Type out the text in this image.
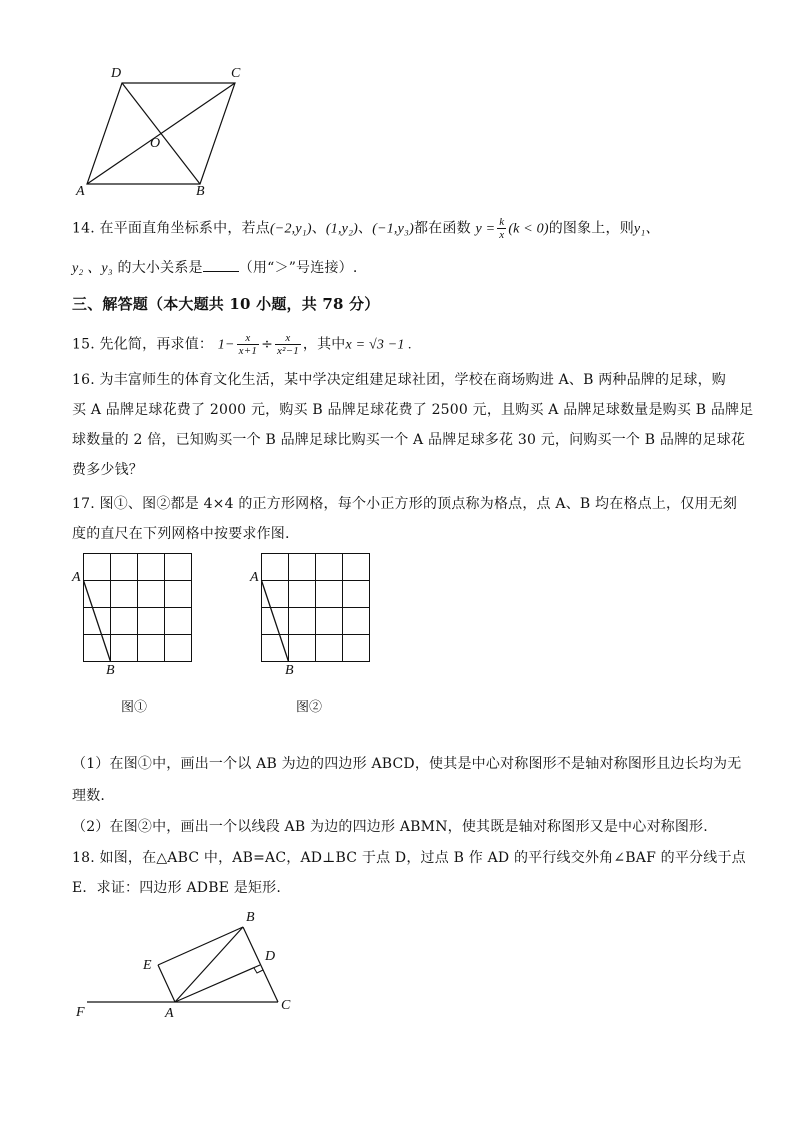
D	C
O
A	B
14. 在平面直角坐标系中，若点(−2,y₁)、(1,y₂)、(−1,y₃)都在函数 $y = \frac{k}{x} (k < 0)$的图象上，则y₁、
y₂ 、y₃ 的大小关系是	（用“＞”号连接）.
三、解答题（本大题共 10 小题，共 78 分）
15. 先化简，再求值： $1- \frac{x}{x+1} \div \frac{x}{\text{x²−1}}$ ，其中x = √3 −1 .
16. 为丰富师生的体育文化生活，某中学决定组建足球社团，学校在商场购进 A、B 两种品牌的足球，购
买 A 品牌足球花费了 2000 元，购买 B 品牌足球花费了 2500 元，且购买 A 品牌足球数量是购买 B 品牌足
球数量的 2 倍，已知购买一个 B 品牌足球比购买一个 A 品牌足球多花 30 元，问购买一个 B 品牌的足球花
费多少钱？
17. 图①、图②都是 4×4 的正方形网格，每个小正方形的顶点称为格点，点 A、B 均在格点上，仅用无刻
度的直尺在下列网格中按要求作图.
A
B
图①
A
B
图②
（1）在图①中，画出一个以 AB 为边的四边形 ABCD，使其是中心对称图形不是轴对称图形且边长均为无
理数.
（2）在图②中，画出一个以线段 AB 为边的四边形 ABMN，使其既是轴对称图形又是中心对称图形.
18. 如图，在△ABC 中，AB=AC，AD⊥BC 于点 D，过点 B 作 AD 的平行线交外角∠BAF 的平分线于点
E．求证：四边形 ADBE 是矩形.
B
E
D
F	A
C
